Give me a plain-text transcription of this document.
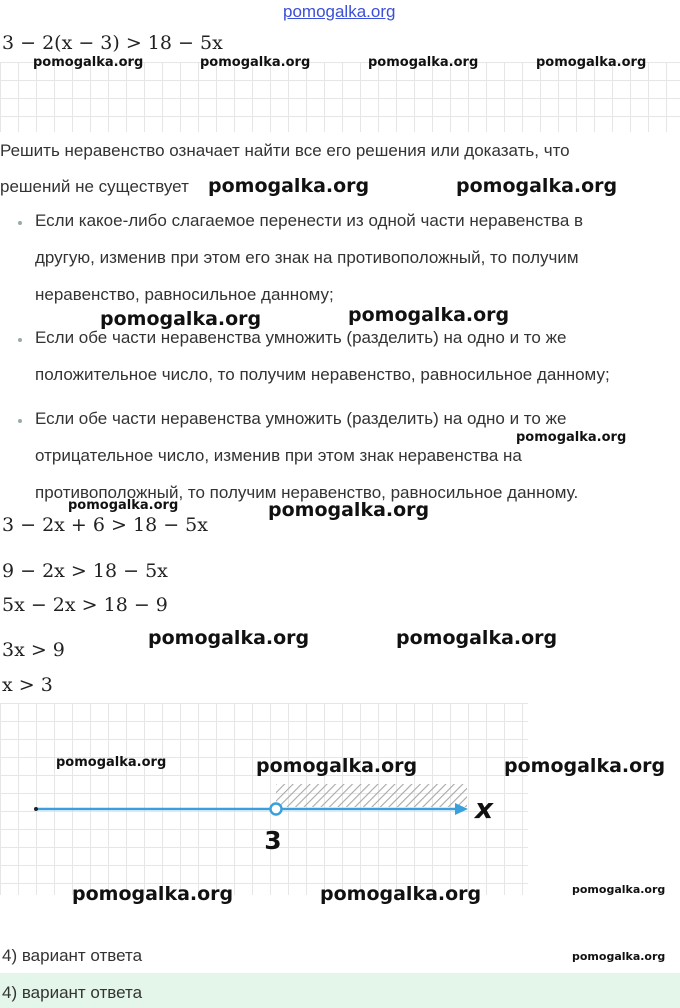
pomogalka.org
3 − 2(x − 3) > 18 − 5x
pomogalka.org	pomogalka.org	pomogalka.org	pomogalka.org
Решить неравенство означает найти все его решения или доказать, что
решений не существует pomogalka.org	pomogalka.org
Если какое-либо слагаемое перенести из одной части неравенства в
другую, изменив при этом его знак на противоположный, то получим
неравенство, равносильное данному;
pomogalka.org	pomogalka.org
Если обе части неравенства умножить (разделить) на одно и то же
положительное число, то получим неравенство, равносильное данному;
Если обе части неравенства умножить (разделить) на одно и то же
pomogalka.org
отрицательное число, изменив при этом знак неравенства на
противоположный, то получим неравенство, равносильное данному.
pomogalka.org	pomogalka.org
3 − 2x + 6 > 18 − 5x
9 − 2x > 18 − 5x
5x − 2x > 18 − 9
pomogalka.org	pomogalka.org
3x > 9
x > 3
3
x
pomogalka.org	pomogalka.org	pomogalka.org
pomogalka.org	pomogalka.org	pomogalka.org
4) вариант ответа	pomogalka.org
4) вариант ответа
